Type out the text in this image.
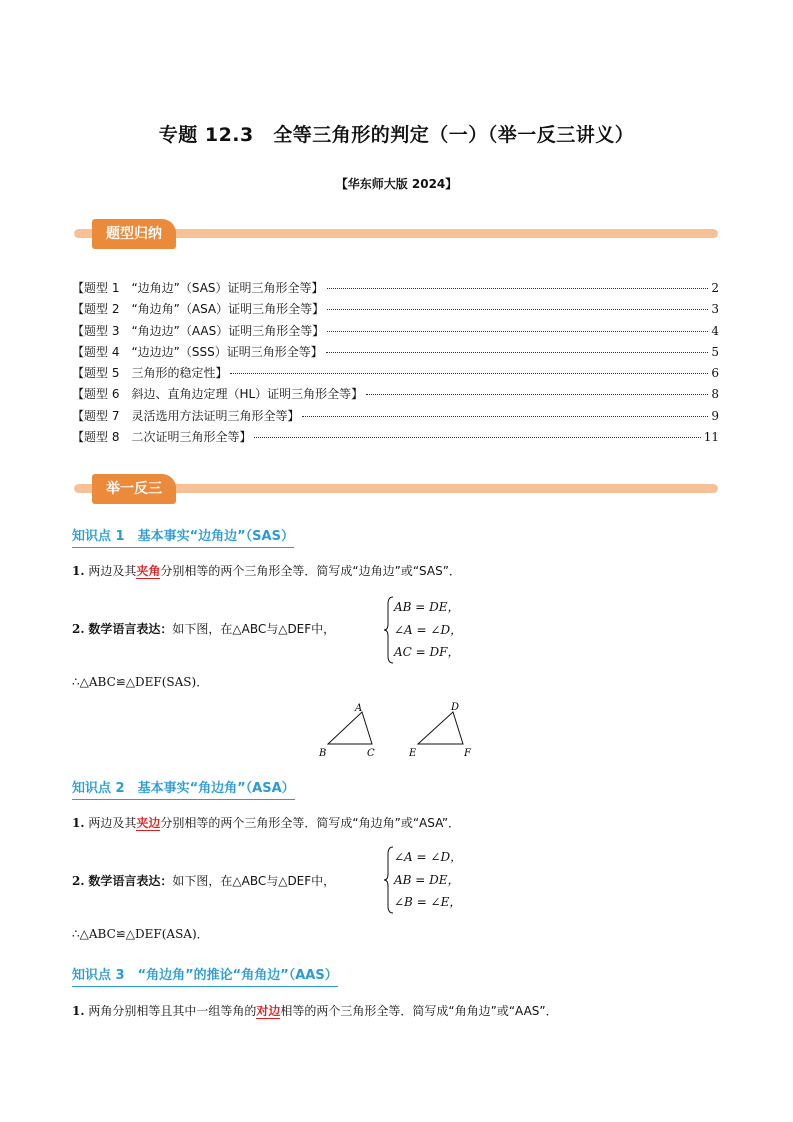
专题 12.3　全等三角形的判定（一）（举一反三讲义）
【华东师大版 2024】
题型归纳
【题型 1　“边角边”（SAS）证明三角形全等】	2
【题型 2　“角边角”（ASA）证明三角形全等】	3
【题型 3　“角边边”（AAS）证明三角形全等】	4
【题型 4　“边边边”（SSS）证明三角形全等】	5
【题型 5　三角形的稳定性】	6
【题型 6　斜边、直角边定理（HL）证明三角形全等】	8
【题型 7　灵活选用方法证明三角形全等】	9
【题型 8　二次证明三角形全等】	11
举一反三
知识点 1　基本事实“边角边”（SAS）
1. 两边及其夹角分别相等的两个三角形全等．简写成“边角边”或“SAS”．
2. 数学语言表达：如下图，在△ABC与△DEF中，
AB = DE，
∠A = ∠D，
AC = DF，
∴△ABC≌△DEF(SAS)．
A
B	C
D
E	F
知识点 2　基本事实“角边角”（ASA）
1. 两边及其夹边分别相等的两个三角形全等．简写成“角边角”或“ASA”．
2. 数学语言表达：如下图，在△ABC与△DEF中，
∠A = ∠D，
AB = DE，
∠B = ∠E，
∴△ABC≌△DEF(ASA)．
知识点 3　“角边角”的推论“角角边”（AAS）
1. 两角分别相等且其中一组等角的对边相等的两个三角形全等．简写成“角角边”或“AAS”．
